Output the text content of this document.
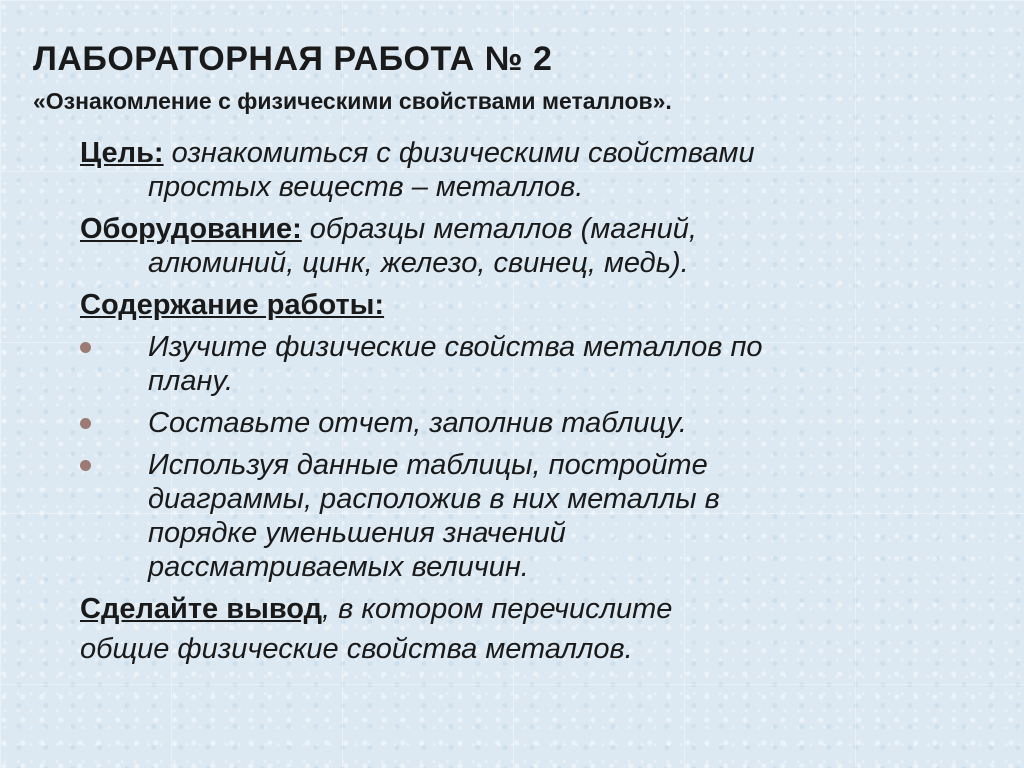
ЛАБОРАТОРНАЯ РАБОТА № 2
«Ознакомление с физическими свойствами металлов».

Цель: ознакомиться с физическими свойствами
простых веществ – металлов.

Оборудование: образцы металлов (магний,
алюминий, цинк, железо, свинец, медь).

Содержание работы:

Изучите физические свойства металлов по
плану.
Составьте отчет, заполнив таблицу.
Используя данные таблицы, постройте
диаграммы, расположив в них металлы в
порядке уменьшения значений
рассматриваемых величин.

Сделайте вывод, в котором перечислите
общие физические свойства металлов.
